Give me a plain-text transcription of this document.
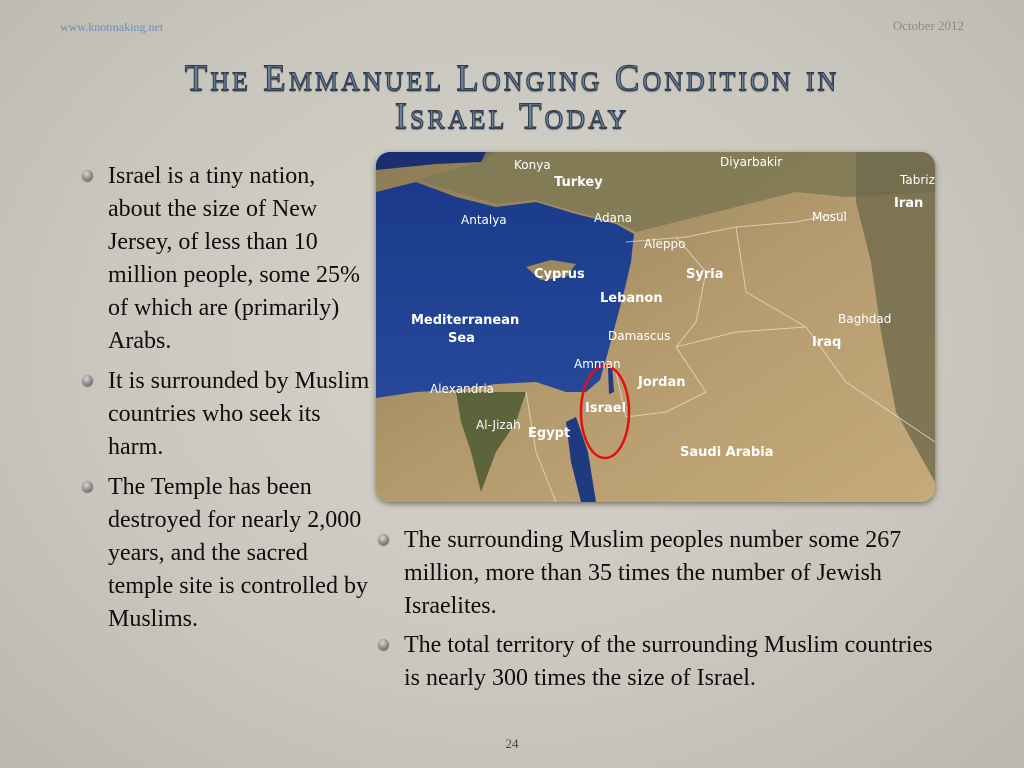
www.knotmaking.net	October 2012
The Emmanuel Longing Condition in
Israel Today
Israel is a tiny nation, about the size of New Jersey, of less than 10 million people, some 25% of which are (primarily) Arabs.
It is surrounded by Muslim countries who seek its harm.
The Temple has been destroyed for nearly 2,000 years, and the sacred temple site is controlled by Muslims.
Konya
Turkey
Diyarbakir
Tabriz
Iran
Antalya	Adana	Mosul
Aleppo
Cyprus	Syria
Lebanon
Mediterranean
Sea
Baghdad
Damascus	Iraq
Amman
Jordan
Alexandria
Israel
Al-Jizah
Egypt
Saudi Arabia
The surrounding Muslim peoples number some 267 million, more than 35 times the number of Jewish Israelites.
The total territory of the surrounding Muslim countries is nearly 300 times the size of Israel.
24
